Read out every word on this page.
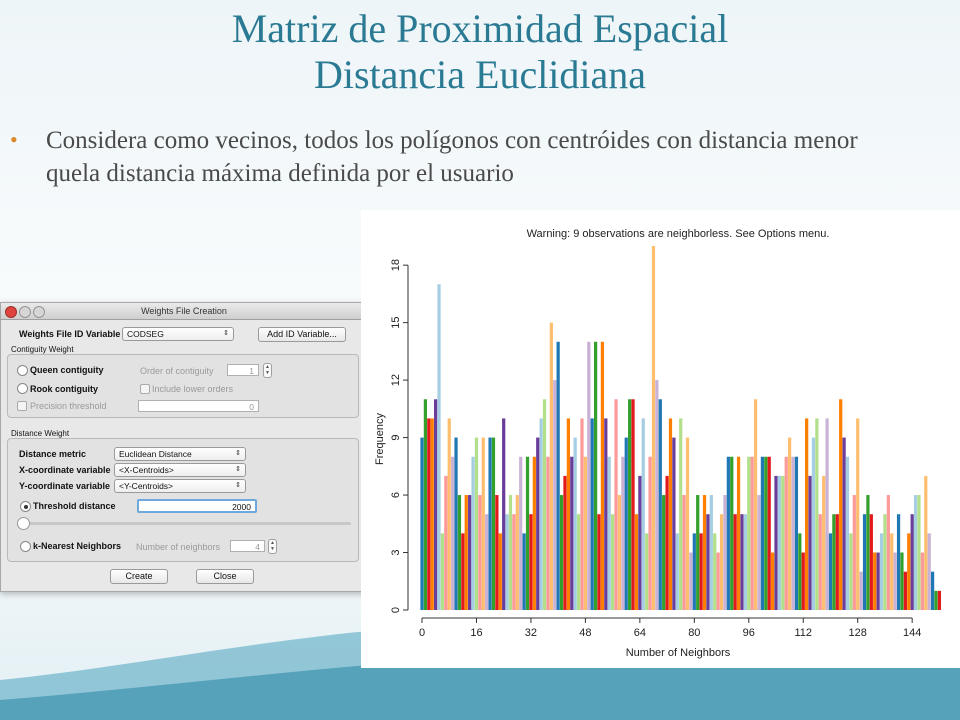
Matriz de Proximidad Espacial
Distancia Euclidiana
• Considera como vecinos, todos los polígonos con centróides con distancia menor quela distancia máxima definida por el usuario
Weights File Creation
Weights File ID Variable CODSEG	⇕	Add ID Variable...
Contiguity Weight
Queen contiguity	Order of contiguity	1	▲
▼
Rook contiguity	Include lower orders
Precision threshold	0
Distance Weight
Distance metric	Euclidean Distance	⇕
X-coordinate variable <X-Centroids>	⇕
Y-coordinate variable	<Y-Centroids>	⇕
Threshold distance	2000
k-Nearest Neighbors Number of neighbors	4	▲
▼
Create	Close
Warning: 9 observations are neighborless. See Options menu.
Number of Neighbors
Frequency
0	16	32	48	64	80	96	112	128	144
0
3
6
9
12
15
18
